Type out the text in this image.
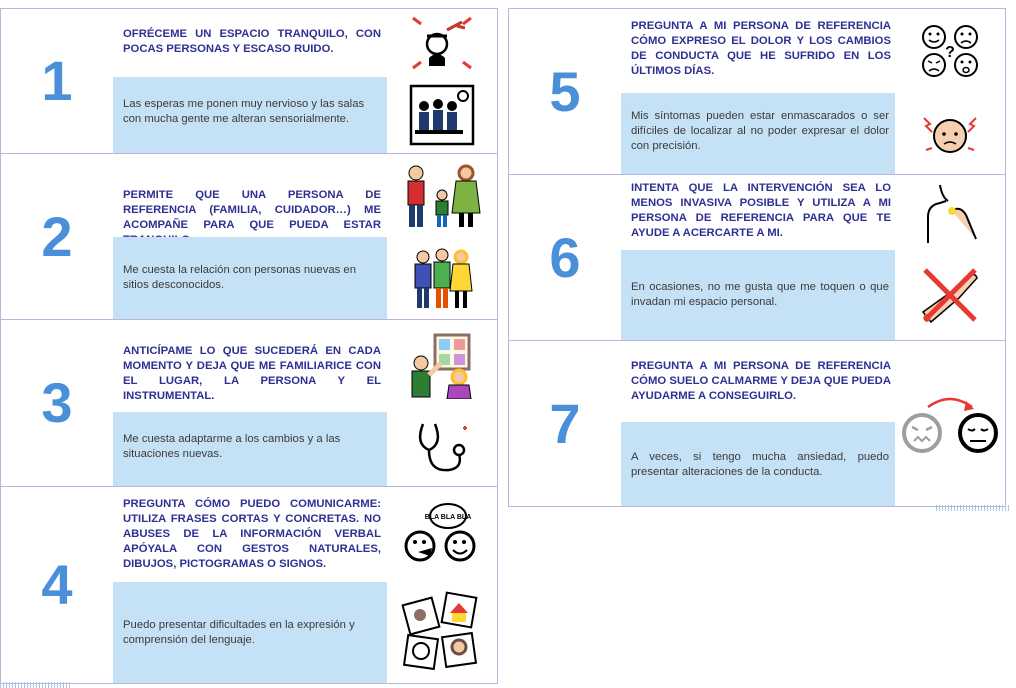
1
OFRÉCEME UN ESPACIO TRANQUILO, CON POCAS PERSONAS Y ESCASO RUIDO.
Las esperas me ponen muy nervioso y las salas con mucha gente me alteran sensorialmente.
2
PERMITE QUE UNA PERSONA DE REFERENCIA (FAMILIA, CUIDADOR…) ME ACOMPAÑE PARA QUE PUEDA ESTAR
Me cuesta la relación con personas nuevas en sitios desconocidos.
3
ANTICÍPAME LO QUE SUCEDERÁ EN CADA MOMENTO Y DEJA QUE ME FAMILIARICE CON EL LUGAR, LA PERSONA Y EL INSTRUMENTAL.
Me cuesta adaptarme a los cambios y a las situaciones nuevas.
4
PREGUNTA CÓMO PUEDO COMUNICARME: UTILIZA FRASES CORTAS Y CONCRETAS. NO ABUSES DE LA INFORMACIÓN VERBAL APÓYALA CON GESTOS NATURALES, DIBUJOS, PICTOGRAMAS O SIGNOS.
BLA BLA BLA
Puedo presentar dificultades en la expresión y comprensión del lenguaje.
5
PREGUNTA A MI PERSONA DE REFERENCIA CÓMO EXPRESO EL DOLOR Y LOS CAMBIOS DE CONDUCTA QUE HE SUFRIDO EN LOS ÚLTIMOS DÍAS.
?
Mis síntomas pueden estar enmascarados o ser difíciles de localizar al no poder expresar el dolor con precisión.
6
INTENTA QUE LA INTERVENCIÓN SEA LO MENOS INVASIVA POSIBLE Y UTILIZA A MI PERSONA DE REFERENCIA PARA QUE TE AYUDE A ACERCARTE A MI.
En ocasiones, no me gusta que me toquen o que invadan mi espacio personal.
7
PREGUNTA A MI PERSONA DE REFERENCIA CÓMO SUELO CALMARME Y DEJA QUE PUEDA AYUDARME A CONSEGUIRLO.
A veces, si tengo mucha ansiedad, puedo presentar alteraciones de la conducta.
